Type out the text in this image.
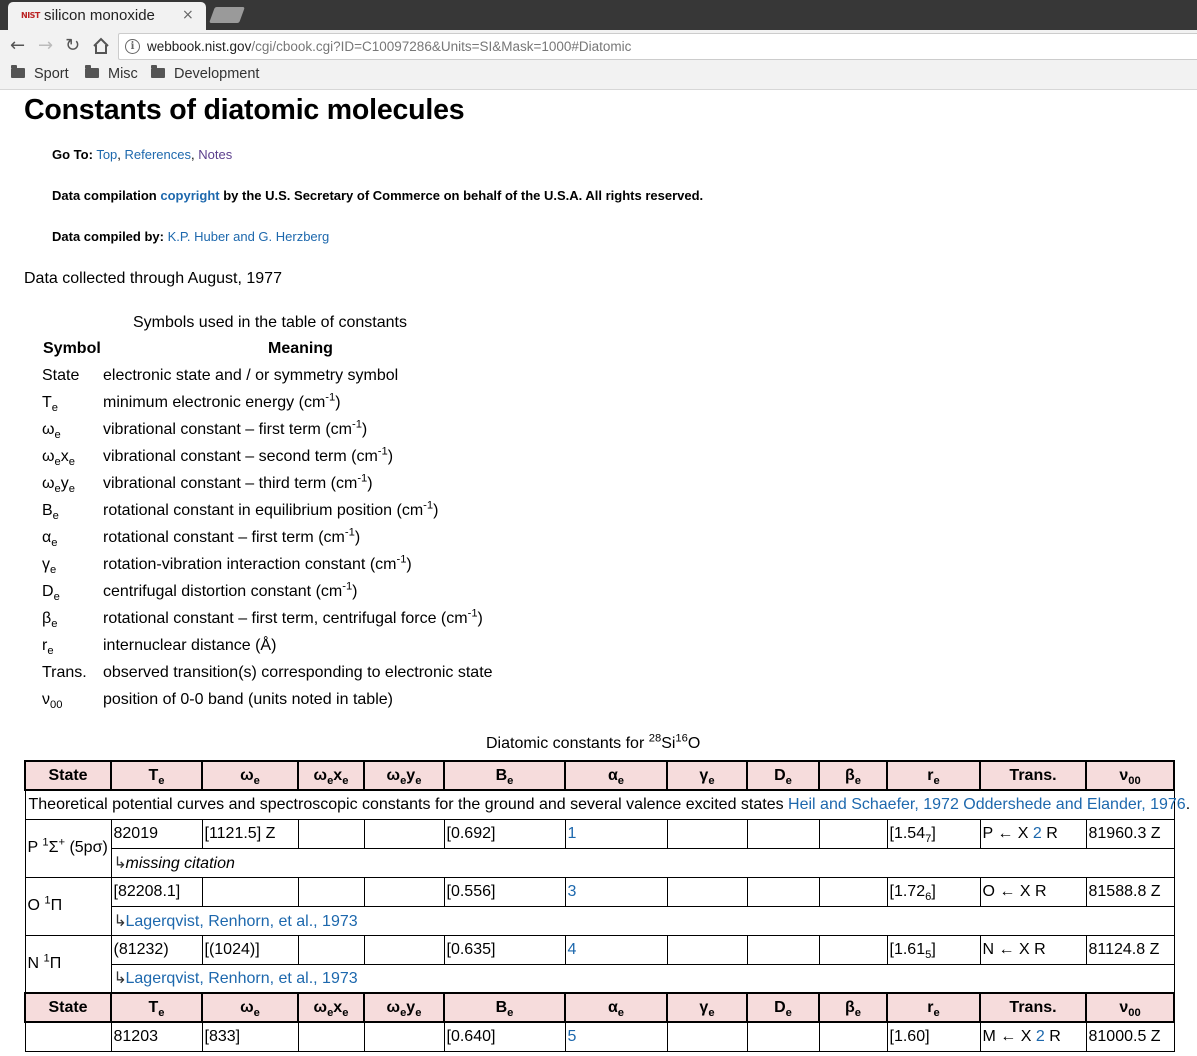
NIST silicon monoxide ×
← → ↻	i webbook.nist.gov/cgi/cbook.cgi?ID=C10097286&Units=SI&Mask=1000#Diatomic
Sport	Misc	Development
Constants of diatomic molecules
Go To: Top, References, Notes
Data compilation copyright by the U.S. Secretary of Commerce on behalf of the U.S.A. All rights reserved.
Data compiled by: K.P. Huber and G. Herzberg
Data collected through August, 1977
Symbols used in the table of constants
Symbol	Meaning
State	electronic state and / or symmetry symbol
$T_e$	minimum electronic energy $(cm^{-1})$
$\omega_e$	vibrational constant – first term $(cm^{-1})$
$\omega_ex_e$	vibrational constant – second term $(cm^{-1})$
$\omega_ey_e$	vibrational constant – third term $(cm^{-1})$
$B_e$	rotational constant in equilibrium position $(cm^{-1})$
$\alpha_e$	rotational constant – first term $(cm^{-1})$
$\gamma_e$	rotation-vibration interaction constant $(cm^{-1})$
$D_e$	centrifugal distortion constant $(cm^{-1})$
$\beta_e$	rotational constant – first term, centrifugal force $(cm^{-1})$
$r_e$	internuclear distance (Å)
Trans.	observed transition(s) corresponding to electronic state
$\nu_{00}$	position of 0-0 band (units noted in table)
Diatomic constants for $^{28}$Si$^{16}$O
State	$T_e$	$\omega_e$	$\omega_ex_e$	$\omega_ey_e$	$B_e$	$\alpha_e$	$\gamma_e$	$D_e$	$\beta_e$	$r_e$	Trans.	$\nu_{00}$
Theoretical potential curves and spectroscopic constants for the ground and several valence excited states Heil and Schaefer, 1972 Oddershede and Elander, 1976.												
P $^1$Σ+ (5pσ)	82019	[1121.5] Z			[0.692]	1				$[1.54_7]$	P ← X 2 R	81960.3 Z
	↳missing citation											
O $^1$Π	[82208.1]				[0.556]	3				$[1.72_6]$	O ← X R	81588.8 Z
	↳Lagerqvist, Renhorn, et al., 1973											
N $^1$Π	(81232)	[(1024)]			[0.635]	4				$[1.61_5]$	N ← X R	81124.8 Z
	↳Lagerqvist, Renhorn, et al., 1973											
State	$T_e$	$\omega_e$	$\omega_ex_e$	$\omega_ey_e$	$B_e$	$\alpha_e$	$\gamma_e$	$D_e$	$\beta_e$	$r_e$	Trans.	$\nu_{00}$
	81203	[833]			[0.640]	5				[1.60]	M ← X 2 R	81000.5 Z
